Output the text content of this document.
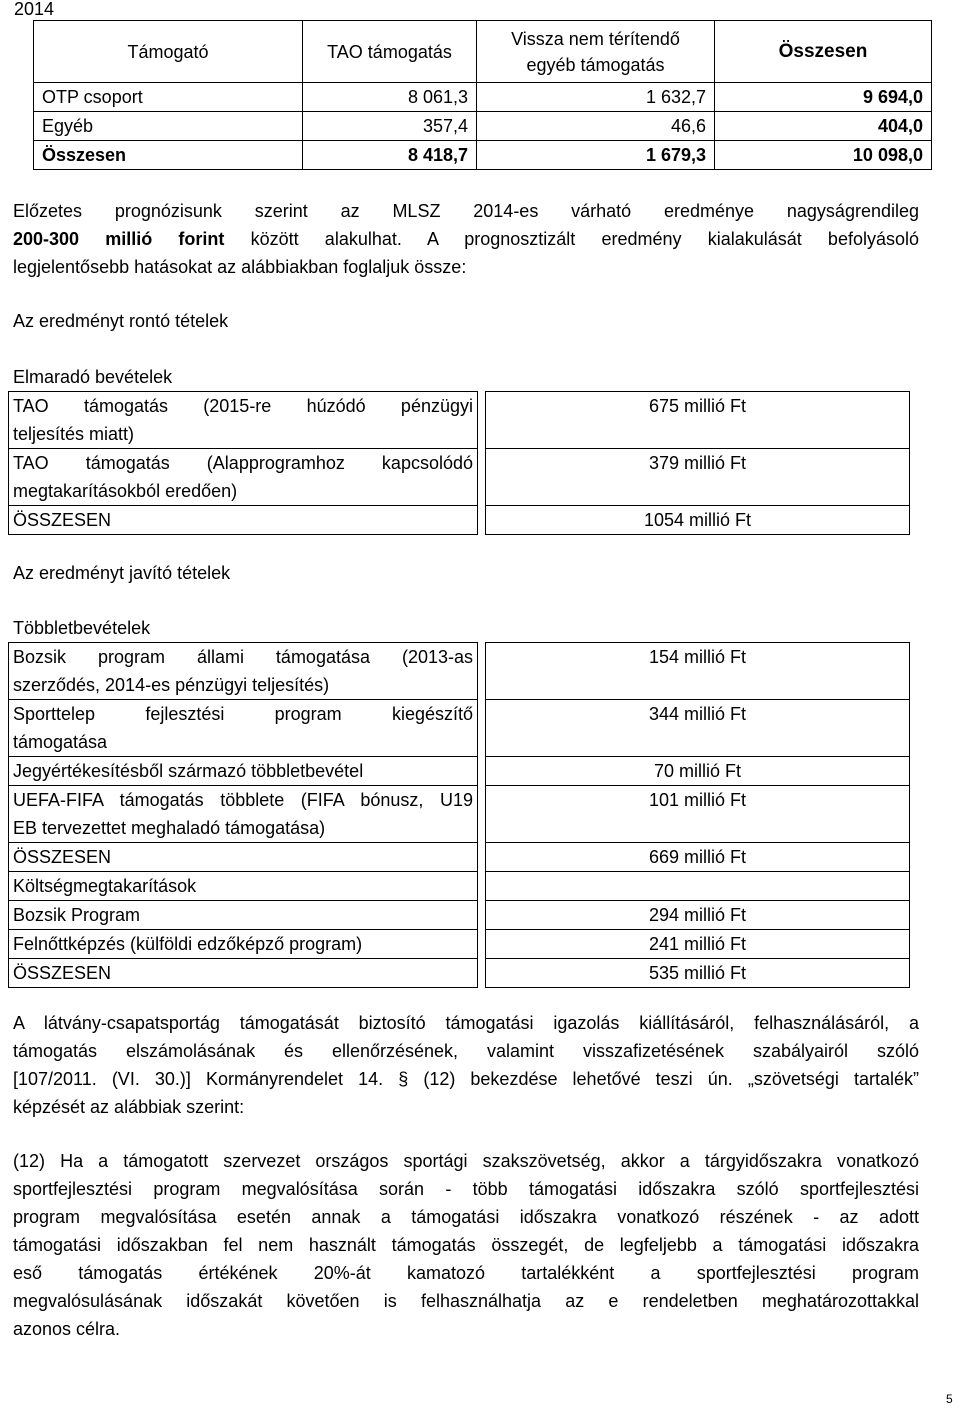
2014
Támogató	TAO támogatás	Vissza nem térítendő egyéb támogatás	Összesen
OTP csoport	8 061,3	1 632,7	9 694,0
Egyéb	357,4	46,6	404,0
Összesen	8 418,7	1 679,3	10 098,0
Előzetes prognózisunk szerint az MLSZ 2014-es várható eredménye nagyságrendileg
200-300 millió forint között alakulhat. A prognosztizált eredmény kialakulását befolyásoló
legjelentősebb hatásokat az alábbiakban foglaljuk össze:
Az eredményt rontó tételek
Elmaradó bevételek
TAO támogatás (2015-re húzódó pénzügyi
teljesítés miatt)		675 millió Ft

TAO támogatás (Alapprogramhoz kapcsolódó
megtakarításokból eredően)		379 millió Ft
ÖSSZESEN		1054 millió Ft
Az eredményt javító tételek
Többletbevételek
Bozsik program állami támogatása (2013-as
szerződés, 2014-es pénzügyi teljesítés)		154 millió Ft

Sporttelep fejlesztési program kiegészítő
támogatása		344 millió Ft
Jegyértékesítésből származó többletbevétel		70 millió Ft

UEFA-FIFA támogatás többlete (FIFA bónusz, U19
EB tervezettet meghaladó támogatása)		101 millió Ft
ÖSSZESEN		669 millió Ft
Költségmegtakarítások		
Bozsik Program		294 millió Ft
Felnőttképzés (külföldi edzőképző program)		241 millió Ft
ÖSSZESEN		535 millió Ft
A látvány-csapatsportág támogatását biztosító támogatási igazolás kiállításáról, felhasználásáról, a
támogatás elszámolásának és ellenőrzésének, valamint visszafizetésének szabályairól szóló
[107/2011. (VI. 30.)] Kormányrendelet 14. § (12) bekezdése lehetővé teszi ún. „szövetségi tartalék”
képzését az alábbiak szerint:
(12) Ha a támogatott szervezet országos sportági szakszövetség, akkor a tárgyidőszakra vonatkozó
sportfejlesztési program megvalósítása során - több támogatási időszakra szóló sportfejlesztési
program megvalósítása esetén annak a támogatási időszakra vonatkozó részének - az adott
támogatási időszakban fel nem használt támogatás összegét, de legfeljebb a támogatási időszakra
eső támogatás értékének 20%-át kamatozó tartalékként a sportfejlesztési program
megvalósulásának időszakát követően is felhasználhatja az e rendeletben meghatározottakkal
azonos célra.
5
